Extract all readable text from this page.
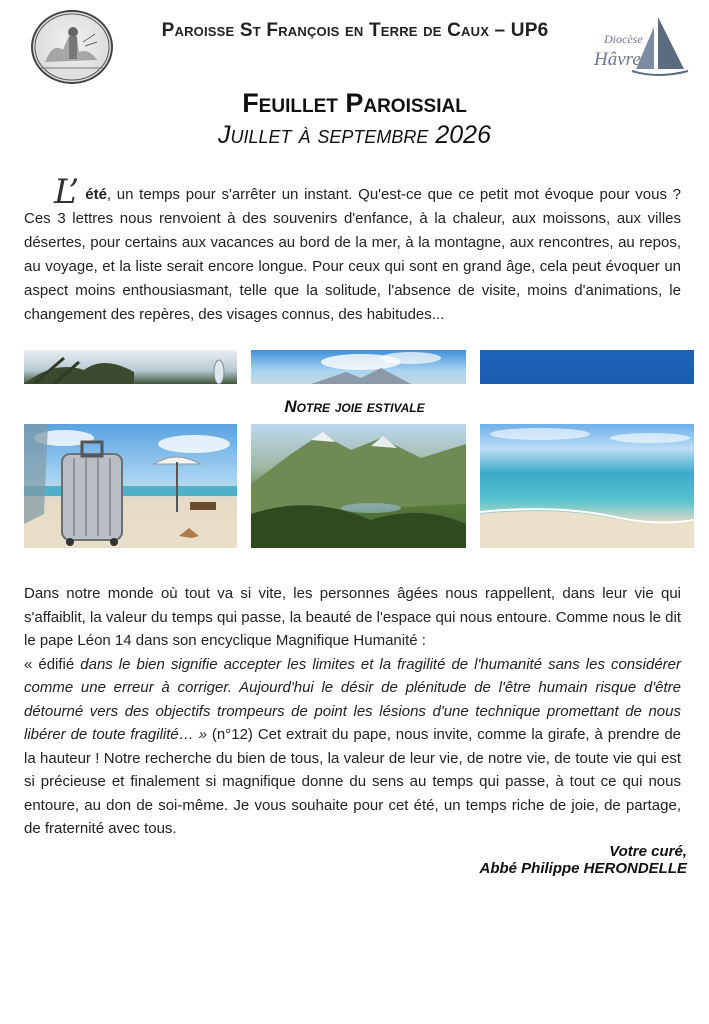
Paroisse St François en Terre de Caux – UP6	Diocèse
Hâvre
Feuillet Paroissial
Juillet à septembre 2026
L’ été, un temps pour s'arrêter un instant. Qu'est-ce que ce petit mot évoque pour vous ? Ces 3 lettres nous renvoient à des souvenirs d'enfance, à la chaleur, aux moissons, aux villes désertes, pour certains aux vacances au bord de la mer, à la montagne, aux rencontres, au repos, au voyage, et la liste serait encore longue. Pour ceux qui sont en grand âge, cela peut évoquer un aspect moins enthousiasmant, telle que la solitude, l'absence de visite, moins d'animations, le changement des repères, des visages connus, des habitudes...
Notre joie estivale
Dans notre monde où tout va si vite, les personnes âgées nous rappellent, dans leur vie qui s'affaiblit, la valeur du temps qui passe, la beauté de l'espace qui nous entoure. Comme nous le dit le pape Léon 14 dans son encyclique Magnifique Humanité :
« édifié dans le bien signifie accepter les limites et la fragilité de l'humanité sans les considérer comme une erreur à corriger. Aujourd'hui le désir de plénitude de l'être humain risque d'être détourné vers des objectifs trompeurs de point les lésions d'une technique promettant de nous libérer de toute fragilité… » (n°12) Cet extrait du pape, nous invite, comme la girafe, à prendre de la hauteur ! Notre recherche du bien de tous, la valeur de leur vie, de notre vie, de toute vie qui est si précieuse et finalement si magnifique donne du sens au temps qui passe, à tout ce qui nous entoure, au don de soi-même. Je vous souhaite pour cet été, un temps riche de joie, de partage, de fraternité avec tous.
Votre curé,
Abbé Philippe HERONDELLE
